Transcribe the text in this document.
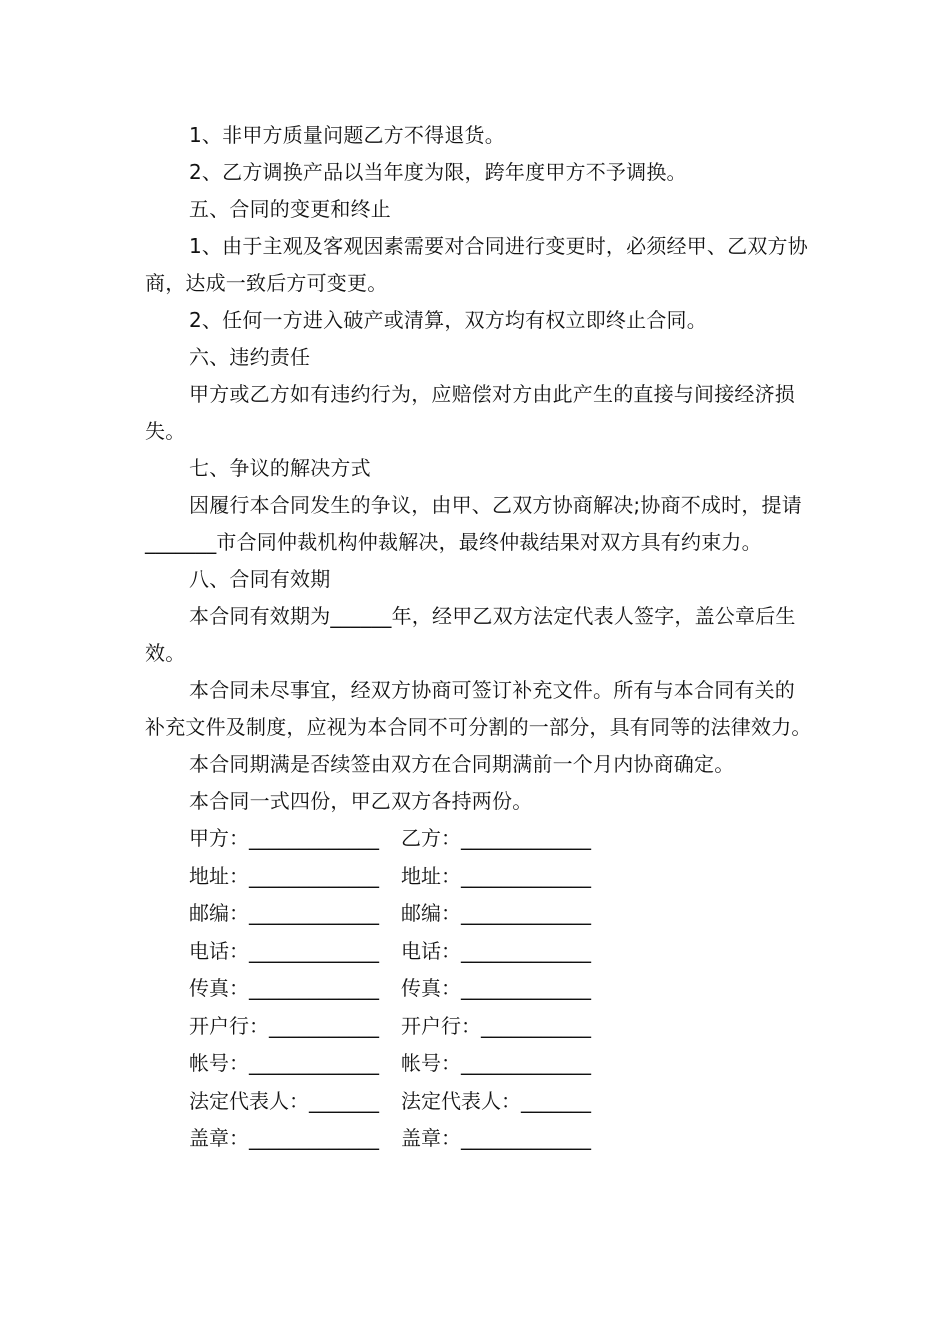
1、非甲方质量问题乙方不得退货。

2、乙方调换产品以当年度为限，跨年度甲方不予调换。

五、合同的变更和终止

1、由于主观及客观因素需要对合同进行变更时，必须经甲、乙双方协商，达成一致后方可变更。

2、任何一方进入破产或清算，双方均有权立即终止合同。

六、违约责任

甲方或乙方如有违约行为，应赔偿对方由此产生的直接与间接经济损失。

七、争议的解决方式

因履行本合同发生的争议，由甲、乙双方协商解决;协商不成时，提请_______市合同仲裁机构仲裁解决，最终仲裁结果对双方具有约束力。

八、合同有效期

本合同有效期为______年，经甲乙双方法定代表人签字，盖公章后生效。

本合同未尽事宜，经双方协商可签订补充文件。所有与本合同有关的补充文件及制度，应视为本合同不可分割的一部分，具有同等的法律效力。

本合同期满是否续签由双方在合同期满前一个月内协商确定。

本合同一式四份，甲乙双方各持两份。

甲方：_____________	乙方：_____________
地址：_____________	地址：_____________
邮编：_____________	邮编：_____________
电话：_____________	电话：_____________
传真：_____________	传真：_____________
开户行：___________	开户行：___________
帐号：_____________	帐号：_____________
法定代表人：_______	法定代表人：_______
盖章：_____________	盖章：_____________
